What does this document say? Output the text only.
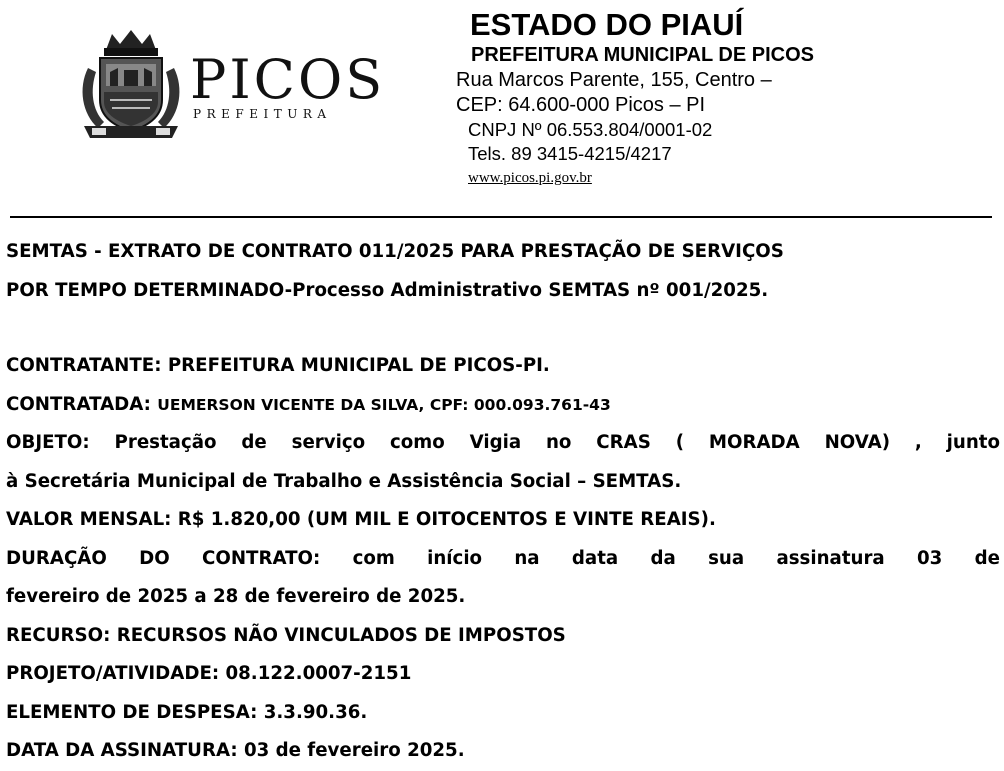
PICOS
PREFEITURA
ESTADO DO PIAUÍ
PREFEITURA MUNICIPAL DE PICOS
Rua Marcos Parente, 155, Centro –
CEP: 64.600-000 Picos – PI
CNPJ Nº 06.553.804/0001-02
Tels. 89 3415-4215/4217
www.picos.pi.gov.br
SEMTAS - EXTRATO DE CONTRATO 011/2025 PARA PRESTAÇÃO DE SERVIÇOS
POR TEMPO DETERMINADO-Processo Administrativo SEMTAS nº 001/2025.
CONTRATANTE: PREFEITURA MUNICIPAL DE PICOS-PI.
CONTRATADA: UEMERSON VICENTE DA SILVA, CPF: 000.093.761-43
OBJETO: Prestação de serviço como Vigia no CRAS ( MORADA NOVA) , junto
à Secretária Municipal de Trabalho e Assistência Social – SEMTAS.
VALOR MENSAL: R$ 1.820,00 (UM MIL E OITOCENTOS E VINTE REAIS).
DURAÇÃO DO CONTRATO: com início na data da sua assinatura 03 de
fevereiro de 2025 a 28 de fevereiro de 2025.
RECURSO: RECURSOS NÃO VINCULADOS DE IMPOSTOS
PROJETO/ATIVIDADE: 08.122.0007-2151
ELEMENTO DE DESPESA: 3.3.90.36.
DATA DA ASSINATURA: 03 de fevereiro 2025.
